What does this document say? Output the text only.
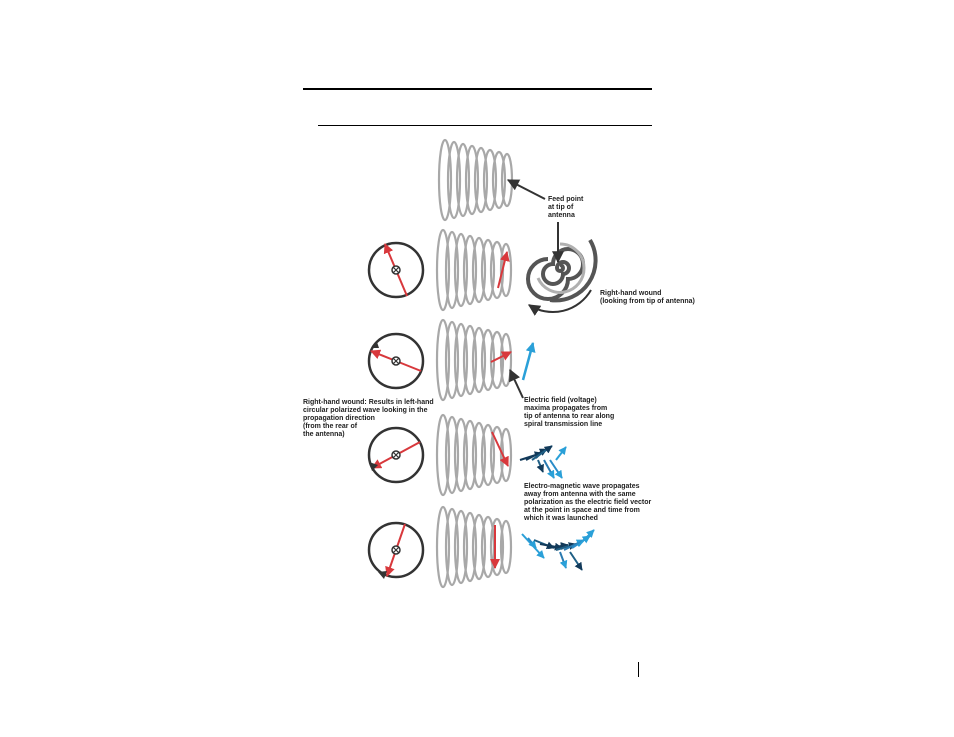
Feed point
at tip of
antenna
Right-hand wound
(looking from tip of antenna)
Electric field (voltage)
maxima propagates from
tip of antenna to rear along
spiral transmission line
Right-hand wound: Results in left-hand
circular polarized wave looking in the
propagation direction
(from the rear of
the antenna)
Electro-magnetic wave propagates
away from antenna with the same
polarization as the electric field vector
at the point in space and time from
which it was launched
